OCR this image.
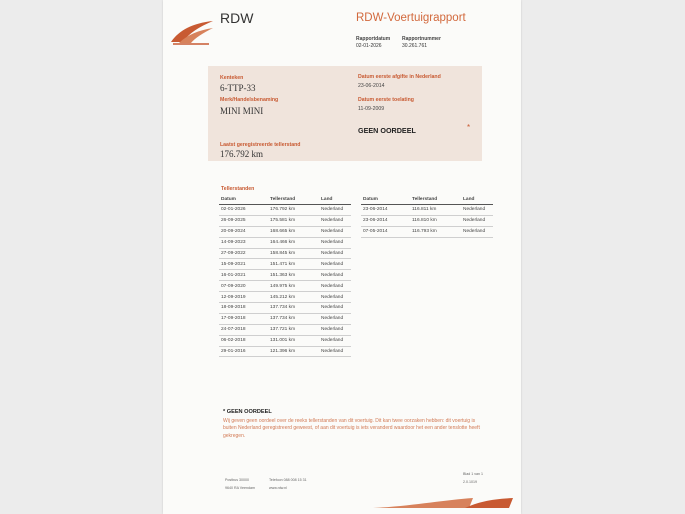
RDW	RDW-Voertuigrapport
Rapportdatum
02-01-2026
Rapportnummer
30.261.761
Kenteken
6-TTP-33
Merk/Handelsbenaming
MINI MINI
Laatst geregistreerde tellerstand
176.792 km
Datum eerste afgifte in Nederland
23-06-2014
Datum eerste toelating
11-09-2009
GEEN OORDEEL	*
Tellerstanden
Datum	Tellerstand	Land
02-01-2026	176.792 km	Nederland
26-09-2025	175.581 km	Nederland
20-09-2024	168.665 km	Nederland
14-09-2023	164.466 km	Nederland
27-09-2022	158.845 km	Nederland
15-09-2021	151.471 km	Nederland
16-01-2021	151.363 km	Nederland
07-09-2020	149.975 km	Nederland
12-09-2019	145.212 km	Nederland
18-09-2018	137.734 km	Nederland
17-09-2018	137.734 km	Nederland
24-07-2018	137.721 km	Nederland
06-02-2018	131.001 km	Nederland
29-01-2016	121.396 km	Nederland
Datum	Tellerstand	Land
23-06-2014	116.811 km	Nederland
23-06-2014	116.810 km	Nederland
07-05-2014	116.793 km	Nederland
* GEEN OORDEEL
Wij geven geen oordeel over de reeks tellerstanden van dit voertuig. Dit kan twee oorzaken hebben: dit voertuig is buiten Nederland geregistreerd geweest, of aan dit voertuig is iets veranderd waardoor het een ander tenslotte heeft gekregen.
Postbus 30000
9640 RA Veendam
Telefoon 088 008 15 31
www.rdw.nl
Blad 1 van 1
2.0.1019
